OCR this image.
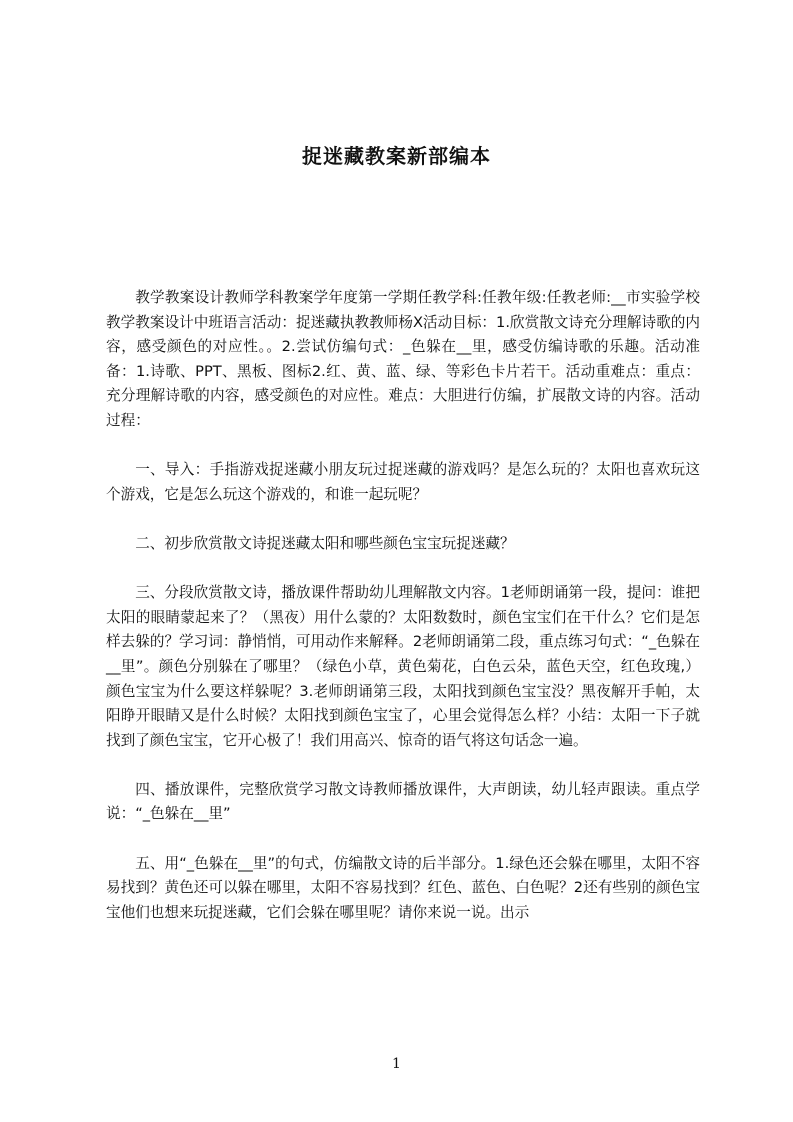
捉迷藏教案新部编本

教学教案设计教师学科教案学年度第一学期任教学科:任教年级:任教老师:__市实验学校教学教案设计中班语言活动：捉迷藏执教教师杨X活动目标：1.欣赏散文诗充分理解诗歌的内容，感受颜色的对应性。。2.尝试仿编句式：_色躲在__里，感受仿编诗歌的乐趣。活动准备：1.诗歌、PPT、黑板、图标2.红、黄、蓝、绿、等彩色卡片若干。活动重难点：重点：充分理解诗歌的内容，感受颜色的对应性。难点：大胆进行仿编，扩展散文诗的内容。活动过程：

一、导入：手指游戏捉迷藏小朋友玩过捉迷藏的游戏吗？是怎么玩的？太阳也喜欢玩这个游戏，它是怎么玩这个游戏的，和谁一起玩呢？

二、初步欣赏散文诗捉迷藏太阳和哪些颜色宝宝玩捉迷藏？

三、分段欣赏散文诗，播放课件帮助幼儿理解散文内容。1老师朗诵第一段，提问：谁把太阳的眼睛蒙起来了？（黑夜）用什么蒙的？太阳数数时，颜色宝宝们在干什么？它们是怎样去躲的？学习词：静悄悄，可用动作来解释。2老师朗诵第二段，重点练习句式：“_色躲在__里”。颜色分别躲在了哪里？（绿色小草，黄色菊花，白色云朵，蓝色天空，红色玫瑰,）颜色宝宝为什么要这样躲呢？3.老师朗诵第三段，太阳找到颜色宝宝没？黑夜解开手帕，太阳睁开眼睛又是什么时候？太阳找到颜色宝宝了，心里会觉得怎么样？小结：太阳一下子就找到了颜色宝宝，它开心极了！我们用高兴、惊奇的语气将这句话念一遍。

四、播放课件，完整欣赏学习散文诗教师播放课件，大声朗读，幼儿轻声跟读。重点学说：“_色躲在__里”

五、用“_色躲在__里”的句式，仿编散文诗的后半部分。1.绿色还会躲在哪里，太阳不容易找到？黄色还可以躲在哪里，太阳不容易找到？红色、蓝色、白色呢？2还有些别的颜色宝宝他们也想来玩捉迷藏，它们会躲在哪里呢？请你来说一说。出示

1
